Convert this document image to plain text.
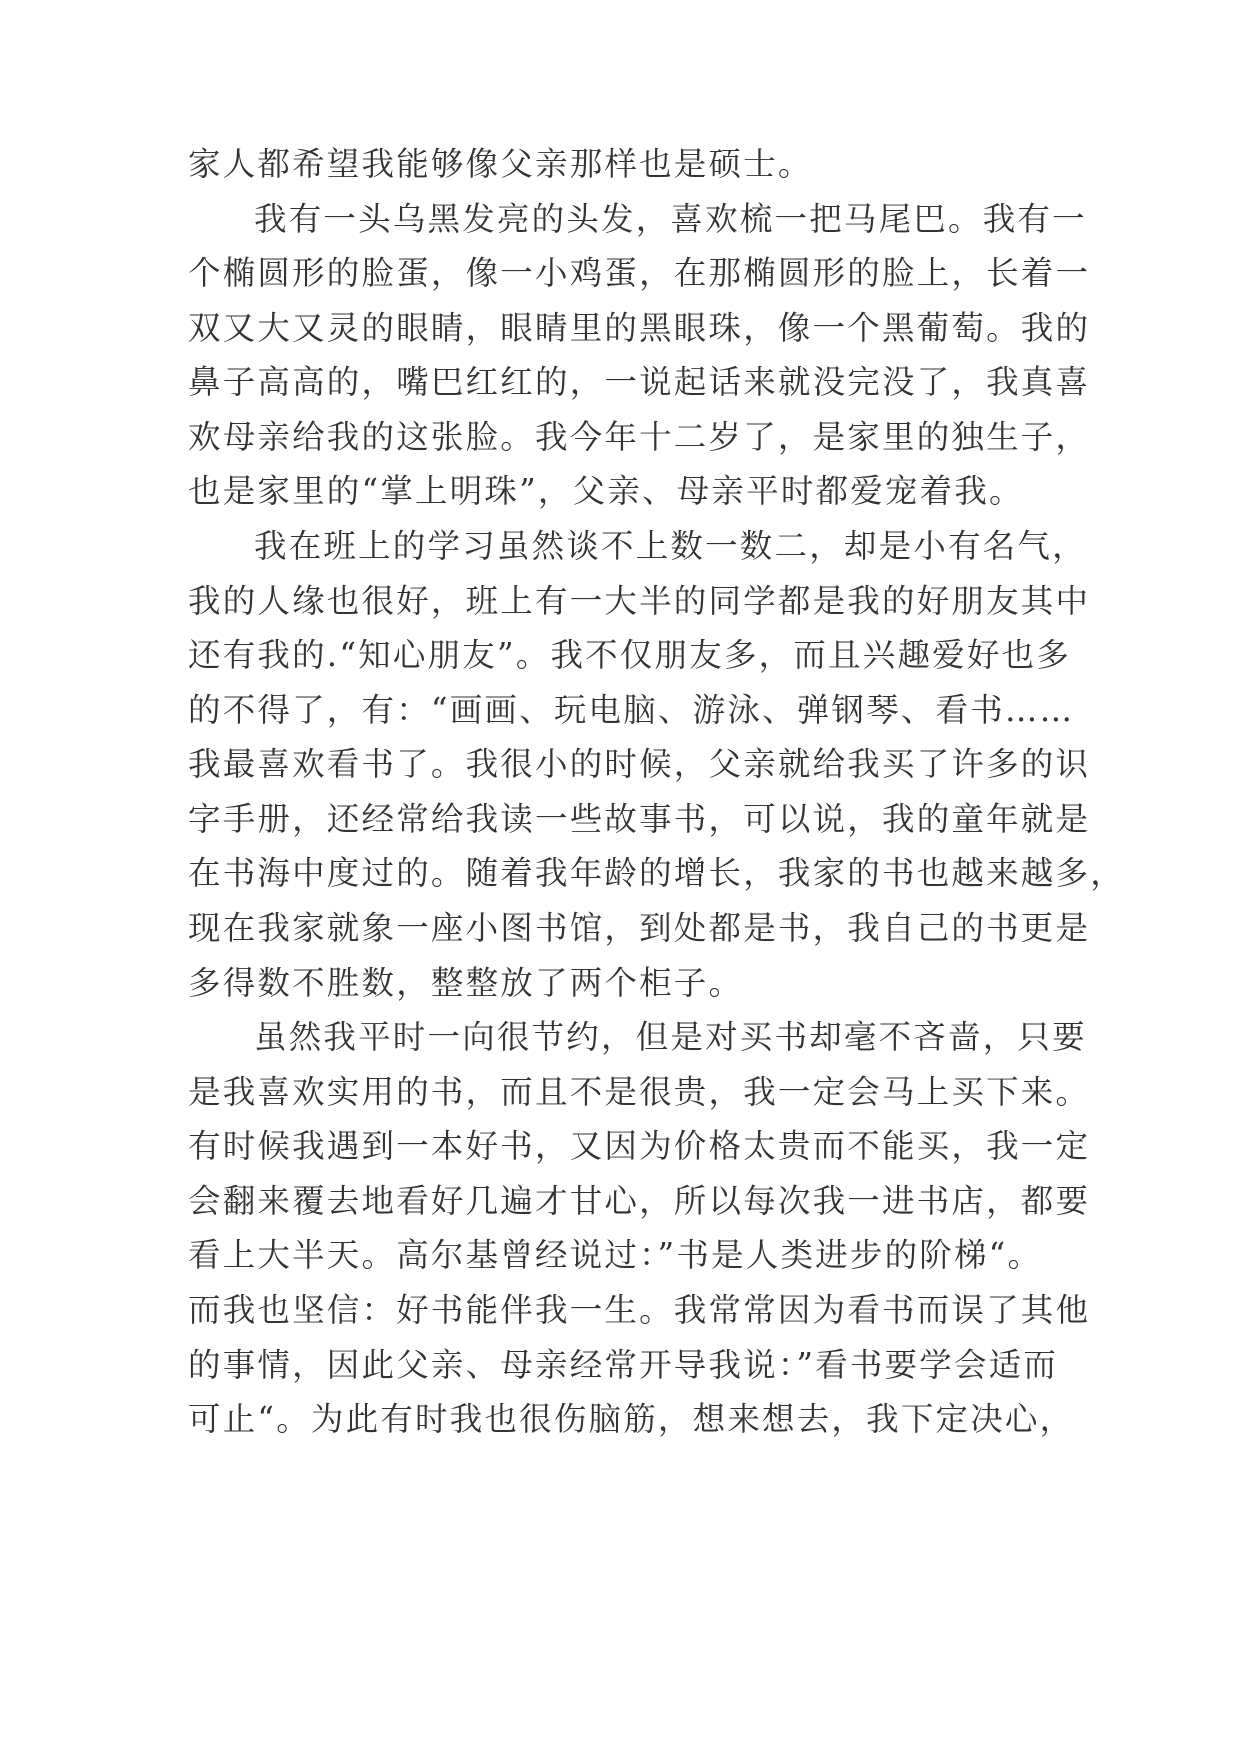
家人都希望我能够像父亲那样也是硕士。
我有一头乌黑发亮的头发，喜欢梳一把马尾巴。我有一
个椭圆形的脸蛋，像一小鸡蛋，在那椭圆形的脸上，长着一
双又大又灵的眼睛，眼睛里的黑眼珠，像一个黑葡萄。我的
鼻子高高的，嘴巴红红的，一说起话来就没完没了，我真喜
欢母亲给我的这张脸。我今年十二岁了，是家里的独生子，
也是家里的“掌上明珠”，父亲、母亲平时都爱宠着我。
我在班上的学习虽然谈不上数一数二，却是小有名气，
我的人缘也很好，班上有一大半的同学都是我的好朋友其中
还有我的.“知心朋友”。我不仅朋友多，而且兴趣爱好也多
的不得了，有：“画画、玩电脑、游泳、弹钢琴、看书……
我最喜欢看书了。我很小的时候，父亲就给我买了许多的识
字手册，还经常给我读一些故事书，可以说，我的童年就是
在书海中度过的。随着我年龄的增长，我家的书也越来越多，
现在我家就象一座小图书馆，到处都是书，我自己的书更是
多得数不胜数，整整放了两个柜子。
虽然我平时一向很节约，但是对买书却毫不吝啬，只要
是我喜欢实用的书，而且不是很贵，我一定会马上买下来。
有时候我遇到一本好书，又因为价格太贵而不能买，我一定
会翻来覆去地看好几遍才甘心，所以每次我一进书店，都要
看上大半天。高尔基曾经说过：”书是人类进步的阶梯“。
而我也坚信：好书能伴我一生。我常常因为看书而误了其他
的事情，因此父亲、母亲经常开导我说：”看书要学会适而
可止“。为此有时我也很伤脑筋，想来想去，我下定决心，
